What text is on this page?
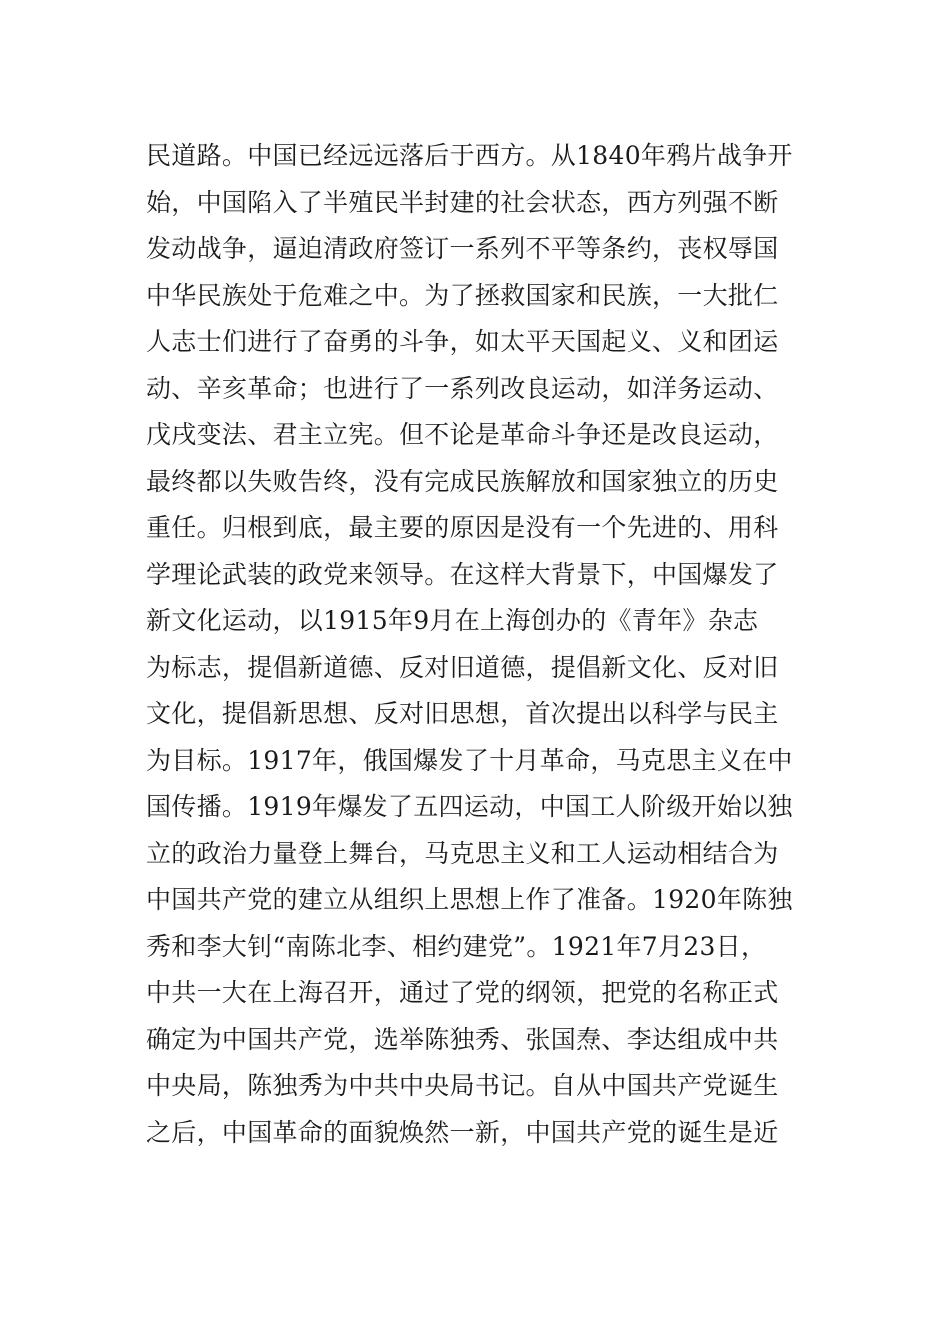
民道路。中国已经远远落后于西方。从1840年鸦片战争开
始，中国陷入了半殖民半封建的社会状态，西方列强不断
发动战争，逼迫清政府签订一系列不平等条约，丧权辱国
中华民族处于危难之中。为了拯救国家和民族，一大批仁
人志士们进行了奋勇的斗争，如太平天国起义、义和团运
动、辛亥革命；也进行了一系列改良运动，如洋务运动、
戊戌变法、君主立宪。但不论是革命斗争还是改良运动，
最终都以失败告终，没有完成民族解放和国家独立的历史
重任。归根到底，最主要的原因是没有一个先进的、用科
学理论武装的政党来领导。在这样大背景下，中国爆发了
新文化运动，以1915年9月在上海创办的《青年》杂志
为标志，提倡新道德、反对旧道德，提倡新文化、反对旧
文化，提倡新思想、反对旧思想，首次提出以科学与民主
为目标。1917年，俄国爆发了十月革命，马克思主义在中
国传播。1919年爆发了五四运动，中国工人阶级开始以独
立的政治力量登上舞台，马克思主义和工人运动相结合为
中国共产党的建立从组织上思想上作了准备。1920年陈独
秀和李大钊“南陈北李、相约建党”。1921年7月23日，
中共一大在上海召开，通过了党的纲领，把党的名称正式
确定为中国共产党，选举陈独秀、张国焘、李达组成中共
中央局，陈独秀为中共中央局书记。自从中国共产党诞生
之后，中国革命的面貌焕然一新，中国共产党的诞生是近
